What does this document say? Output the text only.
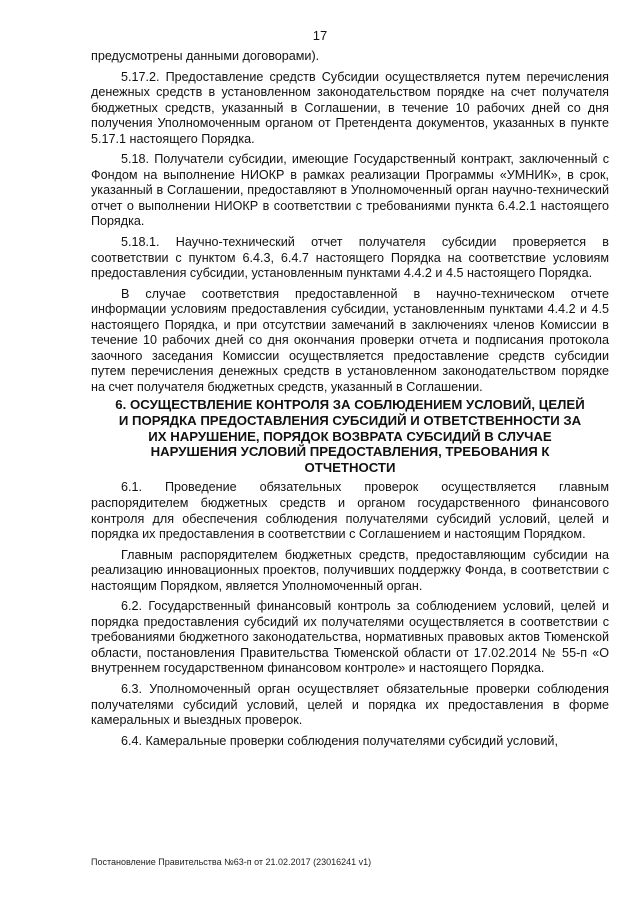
17

предусмотрены данными договорами).

5.17.2. Предоставление средств Субсидии осуществляется путем перечисления денежных средств в установленном законодательством порядке на счет получателя бюджетных средств, указанный в Соглашении, в течение 10 рабочих дней со дня получения Уполномоченным органом от Претендента документов, указанных в пункте 5.17.1 настоящего Порядка.

5.18. Получатели субсидии, имеющие Государственный контракт, заключенный с Фондом на выполнение НИОКР в рамках реализации Программы «УМНИК», в срок, указанный в Соглашении, предоставляют в Уполномоченный орган научно-технический отчет о выполнении НИОКР в соответствии с требованиями пункта 6.4.2.1 настоящего Порядка.

5.18.1. Научно-технический отчет получателя субсидии проверяется в соответствии с пунктом 6.4.3, 6.4.7 настоящего Порядка на соответствие условиям предоставления субсидии, установленным пунктами 4.4.2 и 4.5 настоящего Порядка.

В случае соответствия предоставленной в научно-техническом отчете информации условиям предоставления субсидии, установленным пунктами 4.4.2 и 4.5 настоящего Порядка, и при отсутствии замечаний в заключениях членов Комиссии в течение 10 рабочих дней со дня окончания проверки отчета и подписания протокола заочного заседания Комиссии осуществляется предоставление средств субсидии путем перечисления денежных средств в установленном законодательством порядке на счет получателя бюджетных средств, указанный в Соглашении.

6. ОСУЩЕСТВЛЕНИЕ КОНТРОЛЯ ЗА СОБЛЮДЕНИЕМ УСЛОВИЙ, ЦЕЛЕЙ И ПОРЯДКА ПРЕДОСТАВЛЕНИЯ СУБСИДИЙ И ОТВЕТСТВЕННОСТИ ЗА ИХ НАРУШЕНИЕ, ПОРЯДОК ВОЗВРАТА СУБСИДИЙ В СЛУЧАЕ НАРУШЕНИЯ УСЛОВИЙ ПРЕДОСТАВЛЕНИЯ, ТРЕБОВАНИЯ К ОТЧЕТНОСТИ

6.1. Проведение обязательных проверок осуществляется главным распорядителем бюджетных средств и органом государственного финансового контроля для обеспечения соблюдения получателями субсидий условий, целей и порядка их предоставления в соответствии с Соглашением и настоящим Порядком.

Главным распорядителем бюджетных средств, предоставляющим субсидии на реализацию инновационных проектов, получивших поддержку Фонда, в соответствии с настоящим Порядком, является Уполномоченный орган.

6.2. Государственный финансовый контроль за соблюдением условий, целей и порядка предоставления субсидий их получателями осуществляется в соответствии с требованиями бюджетного законодательства, нормативных правовых актов Тюменской области, постановления Правительства Тюменской области от 17.02.2014 № 55-п «О внутреннем государственном финансовом контроле» и настоящего Порядка.

6.3. Уполномоченный орган осуществляет обязательные проверки соблюдения получателями субсидий условий, целей и порядка их предоставления в форме камеральных и выездных проверок.

6.4. Камеральные проверки соблюдения получателями субсидий условий,

Постановление Правительства №63-п от 21.02.2017 (23016241 v1)
